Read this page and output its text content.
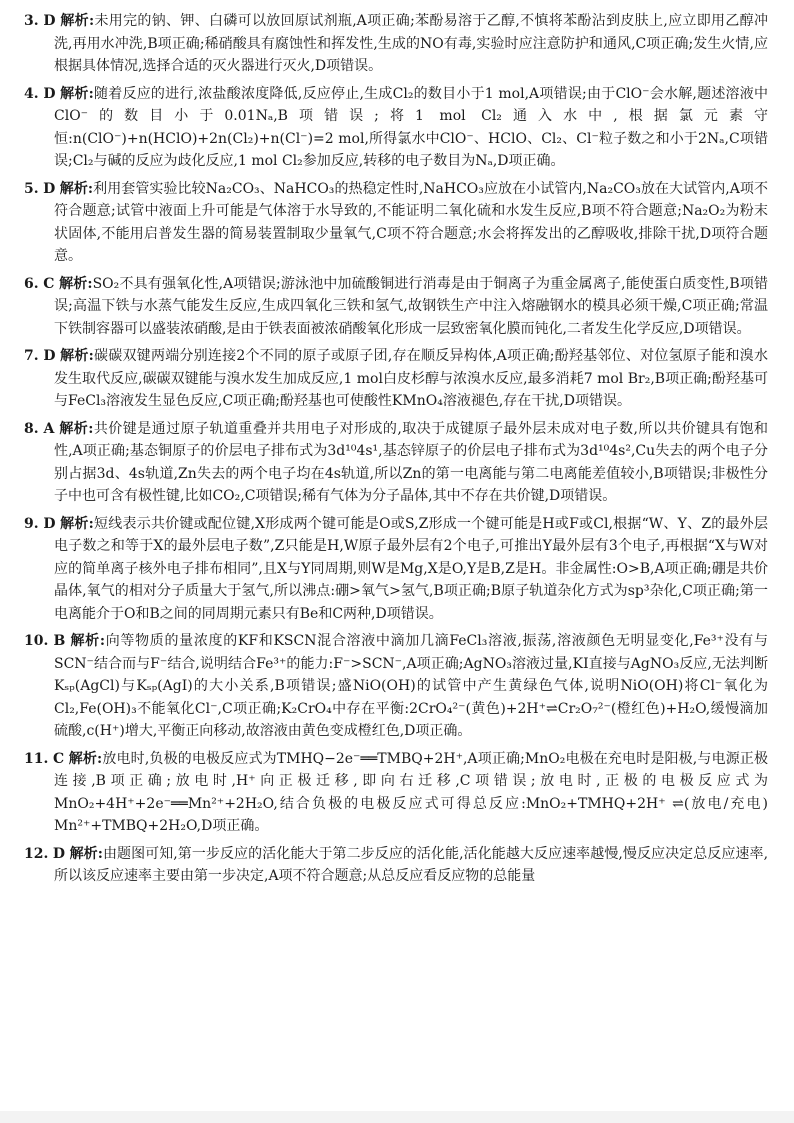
3. D 解析:未用完的钠、钾、白磷可以放回原试剂瓶,A项正确;苯酚易溶于乙醇,不慎将苯酚沾到皮肤上,应立即用乙醇冲洗,再用水冲洗,B项正确;稀硝酸具有腐蚀性和挥发性,生成的NO有毒,实验时应注意防护和通风,C项正确;发生火情,应根据具体情况,选择合适的灭火器进行灭火,D项错误。

4. D 解析:随着反应的进行,浓盐酸浓度降低,反应停止,生成Cl₂的数目小于1 mol,A项错误;由于ClO⁻会水解,题述溶液中ClO⁻的数目小于0.01Nₐ,B项错误;将1 mol Cl₂通入水中,根据氯元素守恒:n(ClO⁻)+n(HClO)+2n(Cl₂)+n(Cl⁻)=2 mol,所得氯水中ClO⁻、HClO、Cl₂、Cl⁻粒子数之和小于2Nₐ,C项错误;Cl₂与碱的反应为歧化反应,1 mol Cl₂参加反应,转移的电子数目为Nₐ,D项正确。

5. D 解析:利用套管实验比较Na₂CO₃、NaHCO₃的热稳定性时,NaHCO₃应放在小试管内,Na₂CO₃放在大试管内,A项不符合题意;试管中液面上升可能是气体溶于水导致的,不能证明二氧化硫和水发生反应,B项不符合题意;Na₂O₂为粉末状固体,不能用启普发生器的简易装置制取少量氧气,C项不符合题意;水会将挥发出的乙醇吸收,排除干扰,D项符合题意。

6. C 解析:SO₂不具有强氧化性,A项错误;游泳池中加硫酸铜进行消毒是由于铜离子为重金属离子,能使蛋白质变性,B项错误;高温下铁与水蒸气能发生反应,生成四氧化三铁和氢气,故钢铁生产中注入熔融钢水的模具必须干燥,C项正确;常温下铁制容器可以盛装浓硝酸,是由于铁表面被浓硝酸氧化形成一层致密氧化膜而钝化,二者发生化学反应,D项错误。

7. D 解析:碳碳双键两端分别连接2个不同的原子或原子团,存在顺反异构体,A项正确;酚羟基邻位、对位氢原子能和溴水发生取代反应,碳碳双键能与溴水发生加成反应,1 mol白皮杉醇与浓溴水反应,最多消耗7 mol Br₂,B项正确;酚羟基可与FeCl₃溶液发生显色反应,C项正确;酚羟基也可使酸性KMnO₄溶液褪色,存在干扰,D项错误。

8. A 解析:共价键是通过原子轨道重叠并共用电子对形成的,取决于成键原子最外层未成对电子数,所以共价键具有饱和性,A项正确;基态铜原子的价层电子排布式为3d¹⁰4s¹,基态锌原子的价层电子排布式为3d¹⁰4s²,Cu失去的两个电子分别占据3d、4s轨道,Zn失去的两个电子均在4s轨道,所以Zn的第一电离能与第二电离能差值较小,B项错误;非极性分子中也可含有极性键,比如CO₂,C项错误;稀有气体为分子晶体,其中不存在共价键,D项错误。

9. D 解析:短线表示共价键或配位键,X形成两个键可能是O或S,Z形成一个键可能是H或F或Cl,根据“W、Y、Z的最外层电子数之和等于X的最外层电子数”,Z只能是H,W原子最外层有2个电子,可推出Y最外层有3个电子,再根据“X与W对应的简单离子核外电子排布相同”,且X与Y同周期,则W是Mg,X是O,Y是B,Z是H。非金属性:O>B,A项正确;硼是共价晶体,氧气的相对分子质量大于氢气,所以沸点:硼>氧气>氢气,B项正确;B原子轨道杂化方式为sp³杂化,C项正确;第一电离能介于O和B之间的同周期元素只有Be和C两种,D项错误。

10. B 解析:向等物质的量浓度的KF和KSCN混合溶液中滴加几滴FeCl₃溶液,振荡,溶液颜色无明显变化,Fe³⁺没有与SCN⁻结合而与F⁻结合,说明结合Fe³⁺的能力:F⁻>SCN⁻,A项正确;AgNO₃溶液过量,KI直接与AgNO₃反应,无法判断Kₛₚ(AgCl)与Kₛₚ(AgI)的大小关系,B项错误;盛NiO(OH)的试管中产生黄绿色气体,说明NiO(OH)将Cl⁻氧化为Cl₂,Fe(OH)₃不能氧化Cl⁻,C项正确;K₂CrO₄中存在平衡:2CrO₄²⁻(黄色)+2H⁺⇌Cr₂O₇²⁻(橙红色)+H₂O,缓慢滴加硫酸,c(H⁺)增大,平衡正向移动,故溶液由黄色变成橙红色,D项正确。

11. C 解析:放电时,负极的电极反应式为TMHQ−2e⁻══TMBQ+2H⁺,A项正确;MnO₂电极在充电时是阳极,与电源正极连接,B项正确;放电时,H⁺向正极迁移,即向右迁移,C项错误;放电时,正极的电极反应式为MnO₂+4H⁺+2e⁻══Mn²⁺+2H₂O,结合负极的电极反应式可得总反应:MnO₂+TMHQ+2H⁺ ⇌(放电/充电) Mn²⁺+TMBQ+2H₂O,D项正确。

12. D 解析:由题图可知,第一步反应的活化能大于第二步反应的活化能,活化能越大反应速率越慢,慢反应决定总反应速率,所以该反应速率主要由第一步决定,A项不符合题意;从总反应看反应物的总能量
